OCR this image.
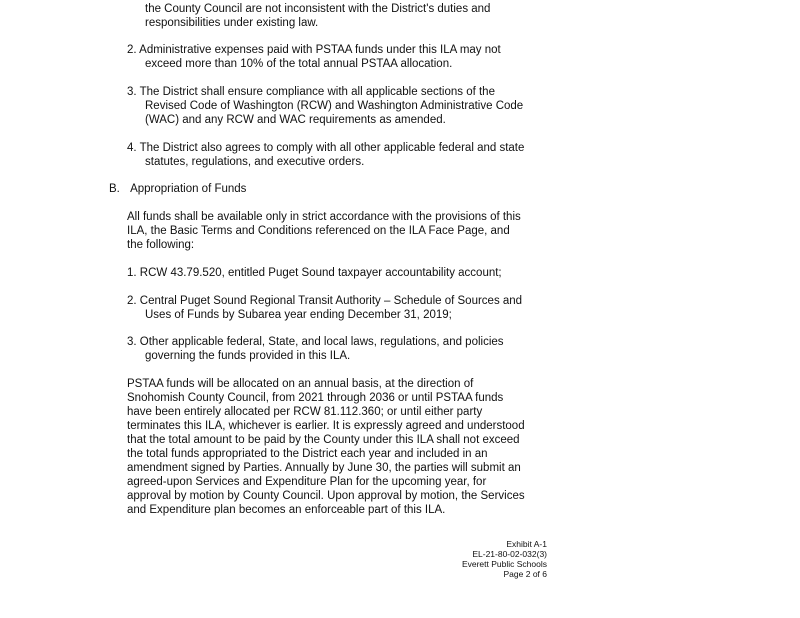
the County Council are not inconsistent with the District's duties and
responsibilities under existing law.
2. Administrative expenses paid with PSTAA funds under this ILA may not
exceed more than 10% of the total annual PSTAA allocation.
3. The District shall ensure compliance with all applicable sections of the
Revised Code of Washington (RCW) and Washington Administrative Code
(WAC) and any RCW and WAC requirements as amended.
4. The District also agrees to comply with all other applicable federal and state
statutes, regulations, and executive orders.
B. Appropriation of Funds
All funds shall be available only in strict accordance with the provisions of this
ILA, the Basic Terms and Conditions referenced on the ILA Face Page, and
the following:
1. RCW 43.79.520, entitled Puget Sound taxpayer accountability account;
2. Central Puget Sound Regional Transit Authority – Schedule of Sources and
Uses of Funds by Subarea year ending December 31, 2019;
3. Other applicable federal, State, and local laws, regulations, and policies
governing the funds provided in this ILA.
PSTAA funds will be allocated on an annual basis, at the direction of
Snohomish County Council, from 2021 through 2036 or until PSTAA funds
have been entirely allocated per RCW 81.112.360; or until either party
terminates this ILA, whichever is earlier. It is expressly agreed and understood
that the total amount to be paid by the County under this ILA shall not exceed
the total funds appropriated to the District each year and included in an
amendment signed by Parties. Annually by June 30, the parties will submit an
agreed-upon Services and Expenditure Plan for the upcoming year, for
approval by motion by County Council. Upon approval by motion, the Services
and Expenditure plan becomes an enforceable part of this ILA.
Exhibit A-1
EL-21-80-02-032(3)
Everett Public Schools
Page 2 of 6
